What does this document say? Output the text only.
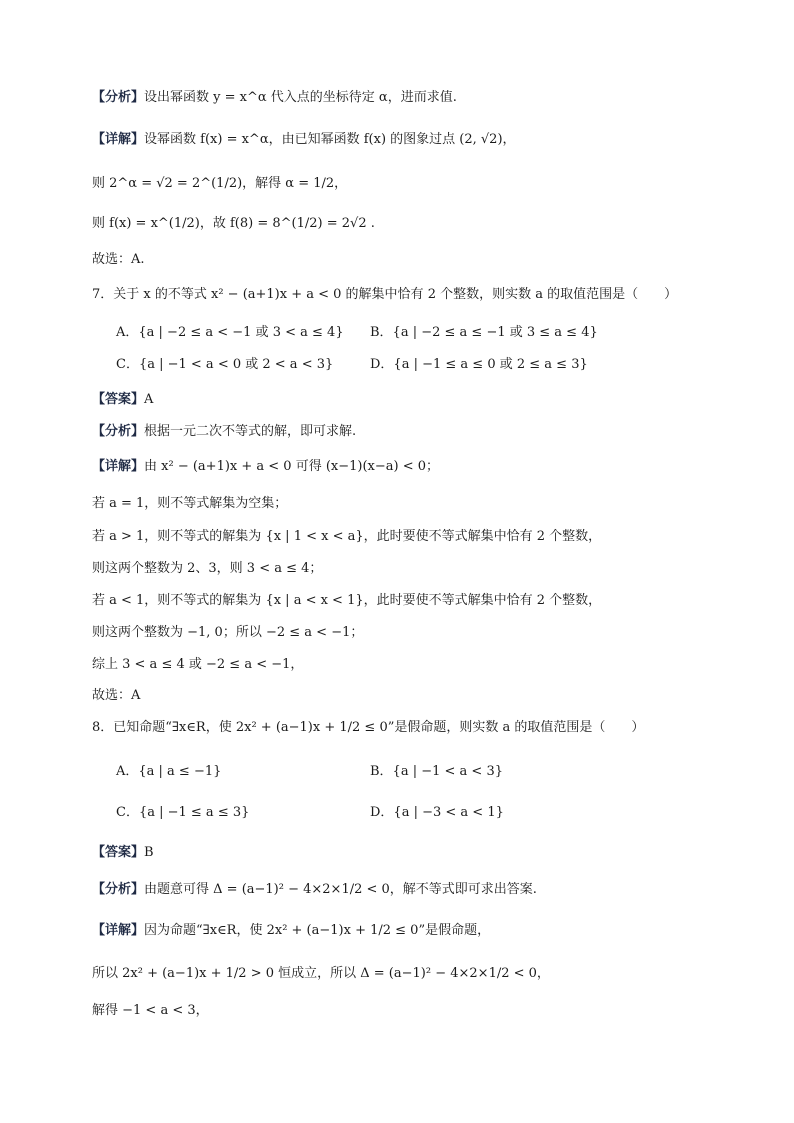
【分析】设出幂函数 y = x^α 代入点的坐标待定 α，进而求值.
【详解】设幂函数 f(x) = x^α，由已知幂函数 f(x) 的图象过点 (2, √2)，
则 2^α = √2 = 2^(1/2)，解得 α = 1/2，
则 f(x) = x^(1/2)，故 f(8) = 8^(1/2) = 2√2 .
故选：A.
7．关于 x 的不等式 x² − (a+1)x + a < 0 的解集中恰有 2 个整数，则实数 a 的取值范围是（　　）
A．{a | −2 ≤ a < −1 或 3 < a ≤ 4} B．{a | −2 ≤ a ≤ −1 或 3 ≤ a ≤ 4}
C．{a | −1 < a < 0 或 2 < a < 3}	D．{a | −1 ≤ a ≤ 0 或 2 ≤ a ≤ 3}
【答案】A
【分析】根据一元二次不等式的解，即可求解.
【详解】由 x² − (a+1)x + a < 0 可得 (x−1)(x−a) < 0；
若 a = 1，则不等式解集为空集；
若 a > 1，则不等式的解集为 {x | 1 < x < a}，此时要使不等式解集中恰有 2 个整数，
则这两个整数为 2、3，则 3 < a ≤ 4；
若 a < 1，则不等式的解集为 {x | a < x < 1}，此时要使不等式解集中恰有 2 个整数，
则这两个整数为 −1, 0；所以 −2 ≤ a < −1；
综上 3 < a ≤ 4 或 −2 ≤ a < −1，
故选：A
8．已知命题“∃x∈R，使 2x² + (a−1)x + 1/2 ≤ 0”是假命题，则实数 a 的取值范围是（　　）
A．{a | a ≤ −1}	B．{a | −1 < a < 3}
C．{a | −1 ≤ a ≤ 3}	D．{a | −3 < a < 1}
【答案】B
【分析】由题意可得 Δ = (a−1)² − 4×2×1/2 < 0，解不等式即可求出答案.
【详解】因为命题“∃x∈R，使 2x² + (a−1)x + 1/2 ≤ 0”是假命题，
所以 2x² + (a−1)x + 1/2 > 0 恒成立，所以 Δ = (a−1)² − 4×2×1/2 < 0，
解得 −1 < a < 3，
